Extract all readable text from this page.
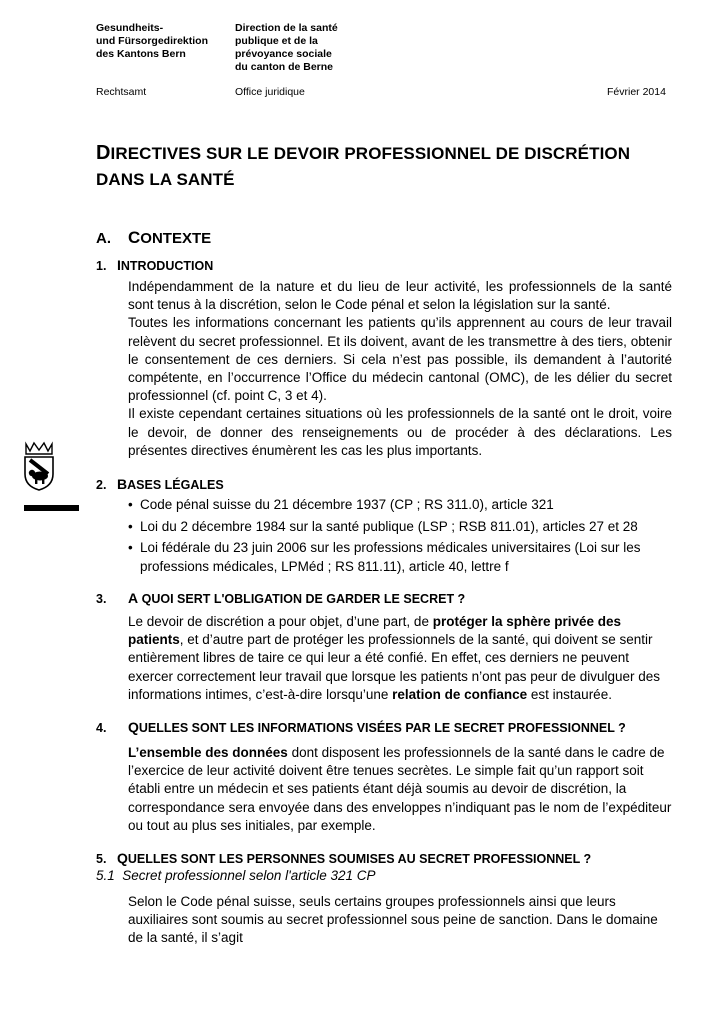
Gesundheits-
und Fürsorgedirektion
des Kantons Bern
Direction de la santé
publique et de la
prévoyance sociale
du canton de Berne
Rechtsamt	Office juridique	Février 2014
DIRECTIVES SUR LE DEVOIR PROFESSIONNEL DE DISCRÉTION
DANS LA SANTÉ
A. CONTEXTE
1. INTRODUCTION

Indépendamment de la nature et du lieu de leur activité, les professionnels de la santé sont tenus à la discrétion, selon le Code pénal et selon la législation sur la santé.

Toutes les informations concernant les patients qu’ils apprennent au cours de leur travail relèvent du secret professionnel. Et ils doivent, avant de les transmettre à des tiers, obtenir le consentement de ces derniers. Si cela n’est pas possible, ils demandent à l’autorité compétente, en l’occurrence l’Office du médecin cantonal (OMC), de les délier du secret professionnel (cf. point C, 3 et 4).

Il existe cependant certaines situations où les professionnels de la santé ont le droit, voire le devoir, de donner des renseignements ou de procéder à des déclarations. Les présentes directives énumèrent les cas les plus importants.

2. BASES LÉGALES
• Code pénal suisse du 21 décembre 1937 (CP ; RS 311.0), article 321
• Loi du 2 décembre 1984 sur la santé publique (LSP ; RSB 811.01), articles 27 et 28
• Loi fédérale du 23 juin 2006 sur les professions médicales universitaires (Loi sur les professions médicales, LPMéd ; RS 811.11), article 40, lettre f
3. A QUOI SERT L'OBLIGATION DE GARDER LE SECRET ?

Le devoir de discrétion a pour objet, d’une part, de protéger la sphère privée des patients, et d’autre part de protéger les professionnels de la santé, qui doivent se sentir entièrement libres de taire ce qui leur a été confié. En effet, ces derniers ne peuvent exercer correctement leur travail que lorsque les patients n’ont pas peur de divulguer des informations intimes, c’est-à-dire lorsqu’une relation de confiance est instaurée.

4. QUELLES SONT LES INFORMATIONS VISÉES PAR LE SECRET PROFESSIONNEL ?

L’ensemble des données dont disposent les professionnels de la santé dans le cadre de l’exercice de leur activité doivent être tenues secrètes. Le simple fait qu’un rapport soit établi entre un médecin et ses patients étant déjà soumis au devoir de discrétion, la correspondance sera envoyée dans des enveloppes n’indiquant pas le nom de l’expéditeur ou tout au plus ses initiales, par exemple.

5. QUELLES SONT LES PERSONNES SOUMISES AU SECRET PROFESSIONNEL ?
5.1 Secret professionnel selon l'article 321 CP

Selon le Code pénal suisse, seuls certains groupes professionnels ainsi que leurs auxiliaires sont soumis au secret professionnel sous peine de sanction. Dans le domaine de la santé, il s’agit
